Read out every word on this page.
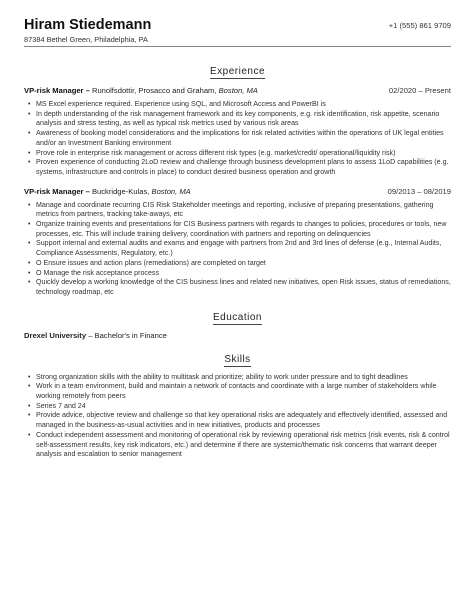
Hiram Stiedemann
87384 Bethel Green, Philadelphia, PA
+1 (555) 861 9709
Experience
VP-risk Manager – Runolfsdottir, Prosacco and Graham, Boston, MA	02/2020 – Present
• MS Excel experience required. Experience using SQL, and Microsoft Access and PowerBI is
• In depth understanding of the risk management framework and its key components, e.g. risk identification, risk appetite, scenario analysis and stress testing, as well as typical risk metrics used by various risk areas
• Awareness of booking model considerations and the implications for risk related activities within the operations of UK legal entities and/or an Investment Banking environment
• Prove role in enterprise risk management or across different risk types (e.g. market/credit/ operational/liquidity risk)
• Proven experience of conducting 2LoD review and challenge through business development plans to assess 1LoD capabilities (e.g. systems, infrastructure and controls in place) to conduct desired business operation and growth
VP-risk Manager – Buckridge-Kulas, Boston, MA	09/2013 – 08/2019
• Manage and coordinate recurring CIS Risk Stakeholder meetings and reporting, inclusive of preparing presentations, gathering metrics from partners, tracking take-aways, etc
• Organize training events and presentations for CIS Business partners with regards to changes to policies, procedures or tools, new processes, etc. This will include training delivery, coordination with partners and reporting on delinquencies
• Support internal and external audits and exams and engage with partners from 2nd and 3rd lines of defense (e.g., Internal Audits, Compliance Assessments, Regulatory, etc.)
• O Ensure issues and action plans (remediations) are completed on target
• O Manage the risk acceptance process
• Quickly develop a working knowledge of the CIS business lines and related new initiatives, open Risk issues, status of remediations, technology roadmap, etc
Education
Drexel University – Bachelor's in Finance
Skills
• Strong organization skills with the ability to multitask and prioritize; ability to work under pressure and to tight deadlines
• Work in a team environment, build and maintain a network of contacts and coordinate with a large number of stakeholders while working remotely from peers
• Series 7 and 24
• Provide advice, objective review and challenge so that key operational risks are adequately and effectively identified, assessed and managed in the business-as-usual activities and in new initiatives, products and processes
• Conduct independent assessment and monitoring of operational risk by reviewing operational risk metrics (risk events, risk & control self-assessment results, key risk indicators, etc.) and determine if there are systemic/thematic risk concerns that warrant deeper analysis and escalation to senior management
